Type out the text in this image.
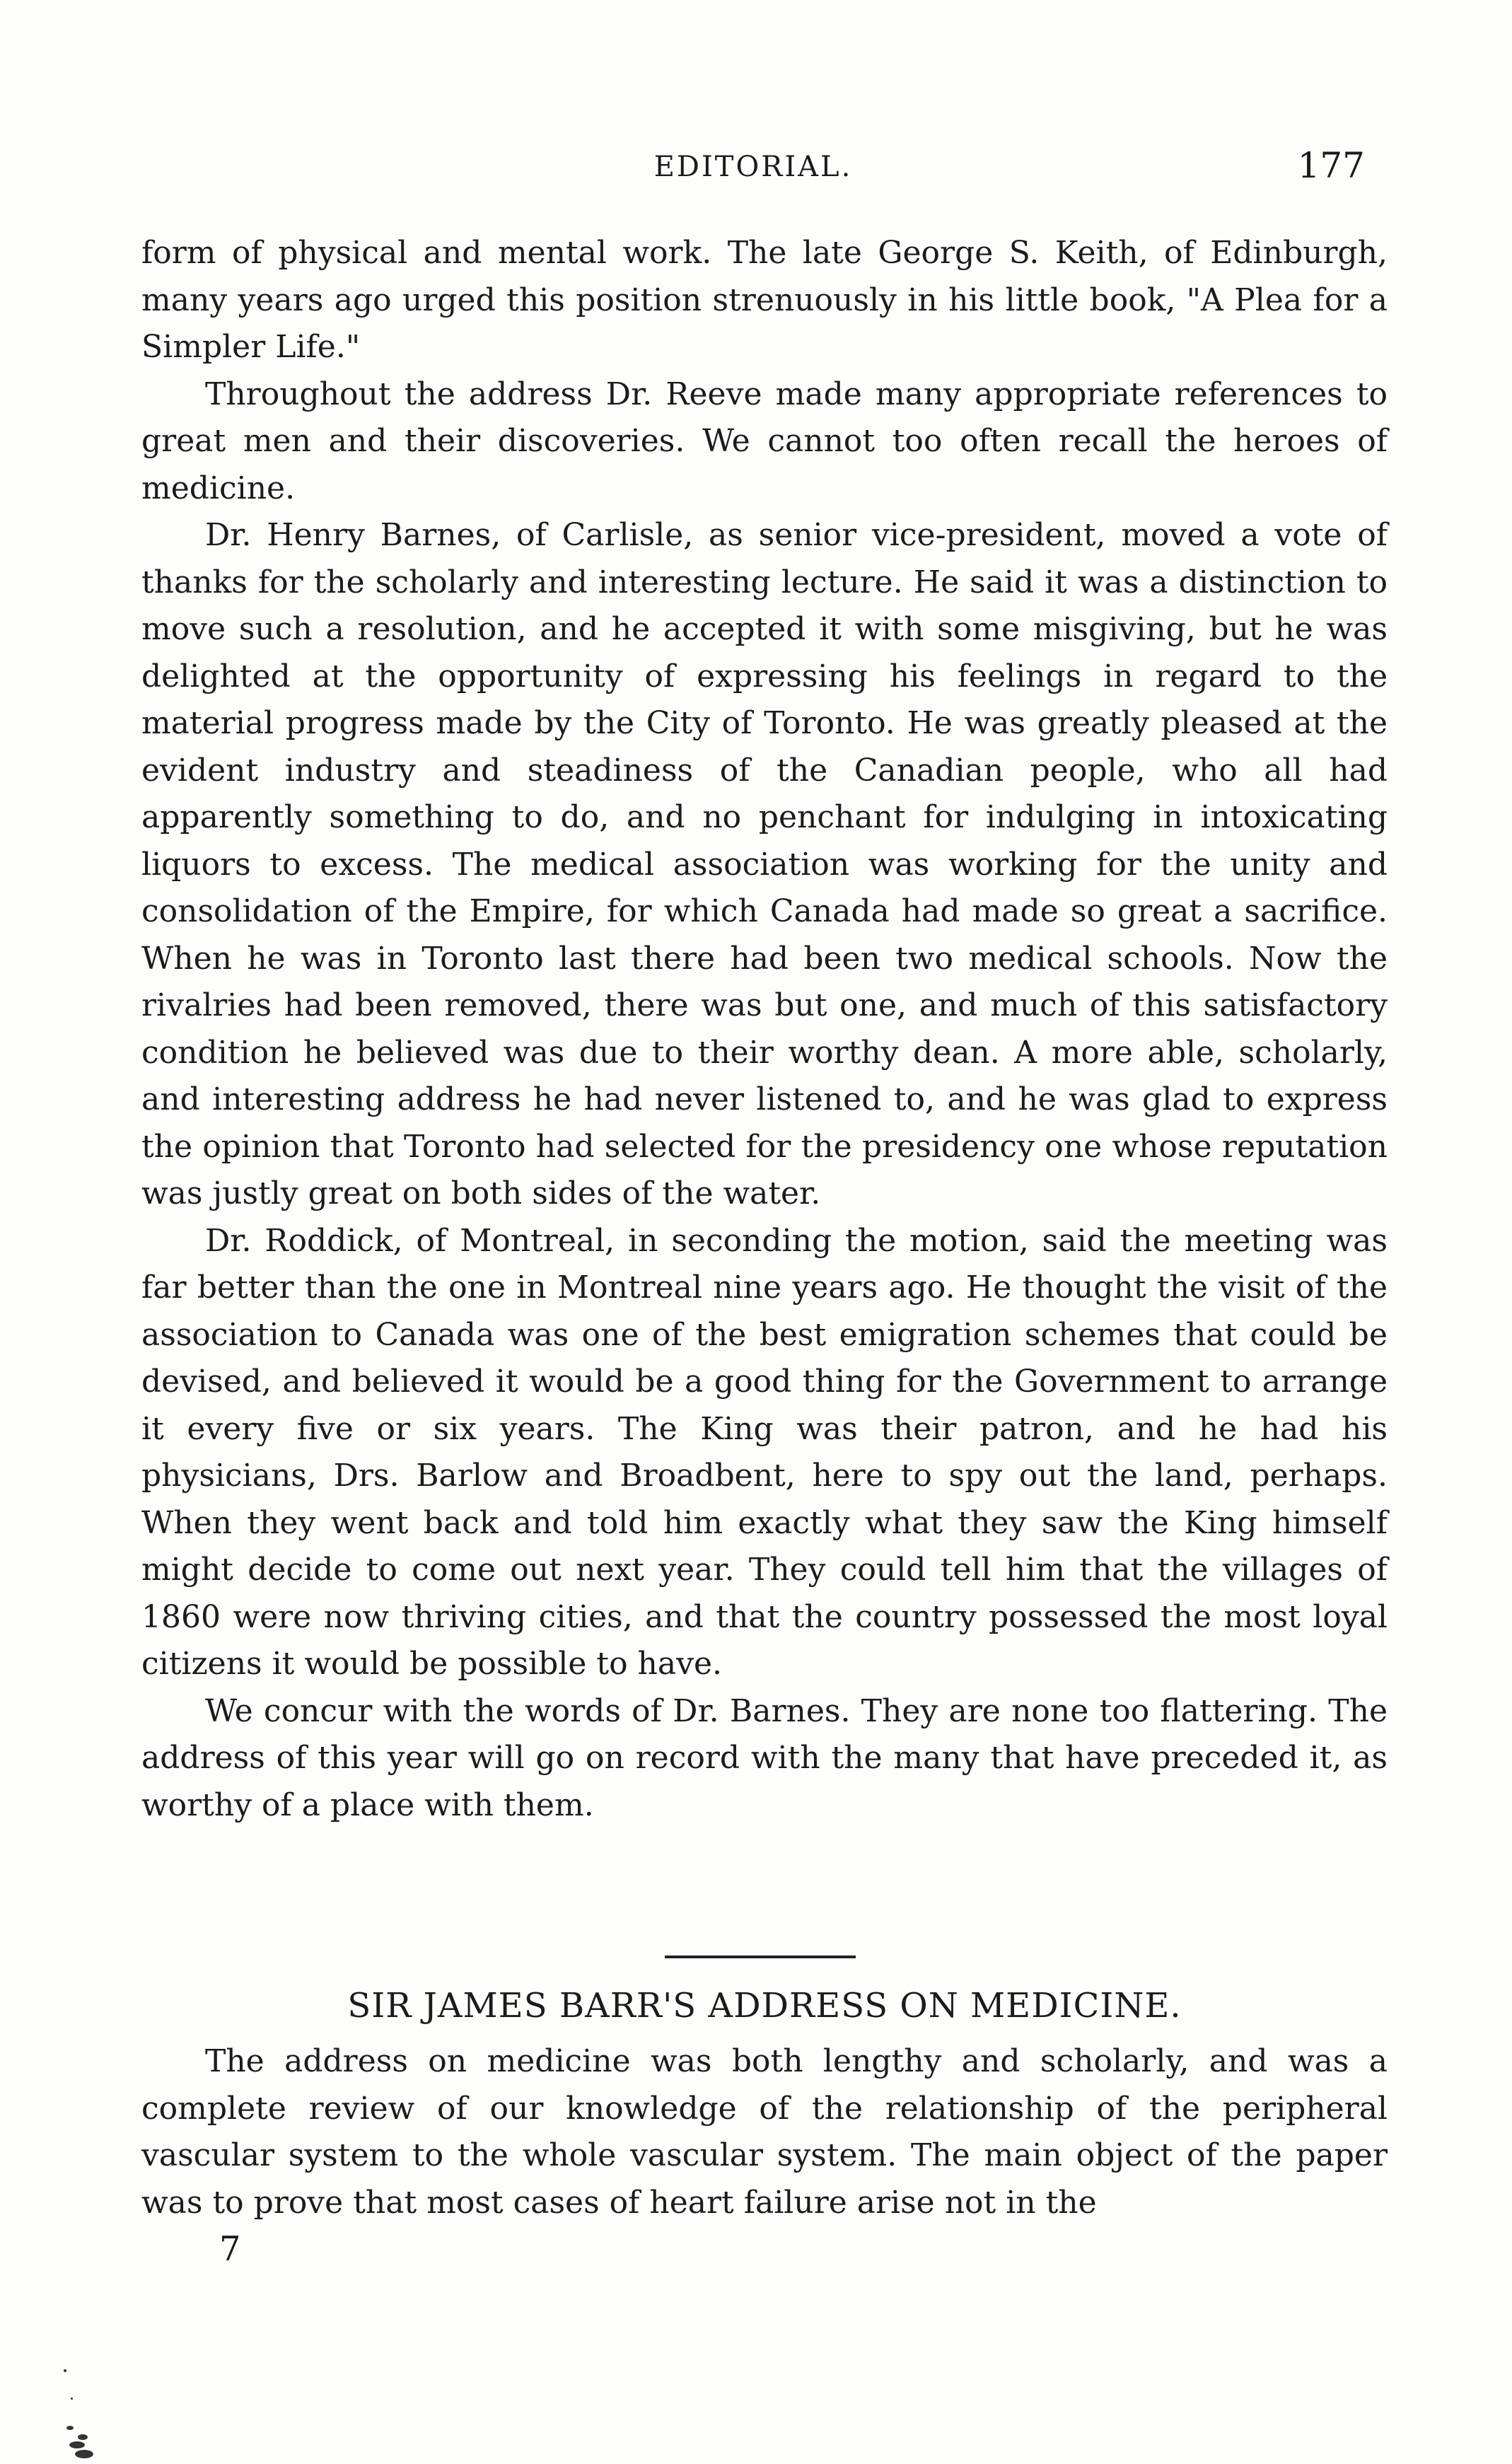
EDITORIAL.	177

form of physical and mental work. The late George S. Keith, of Edinburgh, many years ago urged this position strenuously in his little book, "A Plea for a Simpler Life."

Throughout the address Dr. Reeve made many appropriate references to great men and their discoveries. We cannot too often recall the heroes of medicine.

Dr. Henry Barnes, of Carlisle, as senior vice-president, moved a vote of thanks for the scholarly and interesting lecture. He said it was a distinction to move such a resolution, and he accepted it with some misgiving, but he was delighted at the opportunity of expressing his feelings in regard to the material progress made by the City of Toronto. He was greatly pleased at the evident industry and steadiness of the Canadian people, who all had apparently something to do, and no penchant for indulging in intoxicating liquors to excess. The medical association was working for the unity and consolidation of the Empire, for which Canada had made so great a sacrifice. When he was in Toronto last there had been two medical schools. Now the rivalries had been removed, there was but one, and much of this satisfactory condition he believed was due to their worthy dean. A more able, scholarly, and interesting address he had never listened to, and he was glad to express the opinion that Toronto had selected for the presidency one whose reputation was justly great on both sides of the water.

Dr. Roddick, of Montreal, in seconding the motion, said the meeting was far better than the one in Montreal nine years ago. He thought the visit of the association to Canada was one of the best emigration schemes that could be devised, and believed it would be a good thing for the Government to arrange it every five or six years. The King was their patron, and he had his physicians, Drs. Barlow and Broadbent, here to spy out the land, perhaps. When they went back and told him exactly what they saw the King himself might decide to come out next year. They could tell him that the villages of 1860 were now thriving cities, and that the country possessed the most loyal citizens it would be possible to have.

We concur with the words of Dr. Barnes. They are none too flattering. The address of this year will go on record with the many that have preceded it, as worthy of a place with them.

SIR JAMES BARR'S ADDRESS ON MEDICINE.

The address on medicine was both lengthy and scholarly, and was a complete review of our knowledge of the relationship of the peripheral vascular system to the whole vascular system. The main object of the paper was to prove that most cases of heart failure arise not in the

7
